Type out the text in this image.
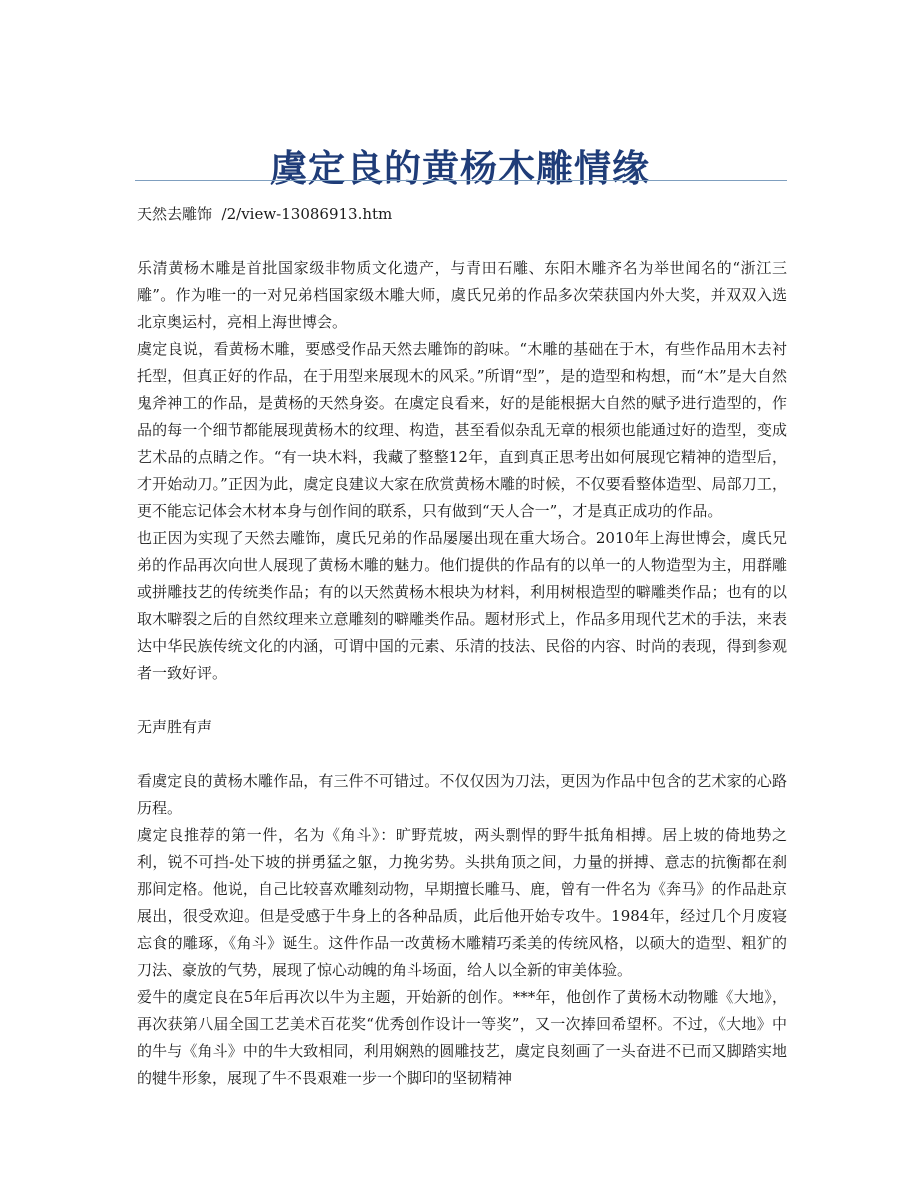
虞定良的黄杨木雕情缘

天然去雕饰  /2/view-13086913.htm

乐清黄杨木雕是首批国家级非物质文化遗产，与青田石雕、东阳木雕齐名为举世闻名的“浙江三雕”。作为唯一的一对兄弟档国家级木雕大师，虞氏兄弟的作品多次荣获国内外大奖，并双双入选北京奥运村，亮相上海世博会。

虞定良说，看黄杨木雕，要感受作品天然去雕饰的韵味。“木雕的基础在于木，有些作品用木去衬托型，但真正好的作品，在于用型来展现木的风采。”所谓“型”，是的造型和构想，而“木”是大自然鬼斧神工的作品，是黄杨的天然身姿。在虞定良看来，好的是能根据大自然的赋予进行造型的，作品的每一个细节都能展现黄杨木的纹理、构造，甚至看似杂乱无章的根须也能通过好的造型，变成艺术品的点睛之作。“有一块木料，我藏了整整12年，直到真正思考出如何展现它精神的造型后，才开始动刀。”正因为此，虞定良建议大家在欣赏黄杨木雕的时候，不仅要看整体造型、局部刀工，更不能忘记体会木材本身与创作间的联系，只有做到“天人合一”，才是真正成功的作品。

也正因为实现了天然去雕饰，虞氏兄弟的作品屡屡出现在重大场合。2010年上海世博会，虞氏兄弟的作品再次向世人展现了黄杨木雕的魅力。他们提供的作品有的以单一的人物造型为主，用群雕或拼雕技艺的传统类作品；有的以天然黄杨木根块为材料，利用树根造型的噼雕类作品；也有的以取木噼裂之后的自然纹理来立意雕刻的噼雕类作品。题材形式上，作品多用现代艺术的手法，来表达中华民族传统文化的内涵，可谓中国的元素、乐清的技法、民俗的内容、时尚的表现，得到参观者一致好评。

无声胜有声

看虞定良的黄杨木雕作品，有三件不可错过。不仅仅因为刀法，更因为作品中包含的艺术家的心路历程。

虞定良推荐的第一件，名为《角斗》：旷野荒坡，两头剽悍的野牛抵角相搏。居上坡的倚地势之利，锐不可挡-处下坡的拼勇猛之躯，力挽劣势。头拱角顶之间，力量的拼搏、意志的抗衡都在刹那间定格。他说，自己比较喜欢雕刻动物，早期擅长雕马、鹿，曾有一件名为《奔马》的作品赴京展出，很受欢迎。但是受感于牛身上的各种品质，此后他开始专攻牛。1984年，经过几个月废寝忘食的雕琢，《角斗》诞生。这件作品一改黄杨木雕精巧柔美的传统风格，以硕大的造型、粗犷的刀法、豪放的气势，展现了惊心动魄的角斗场面，给人以全新的审美体验。

爱牛的虞定良在5年后再次以牛为主题，开始新的创作。***年，他创作了黄杨木动物雕《大地》，再次获第八届全国工艺美术百花奖“优秀创作设计一等奖”，又一次捧回希望杯。不过，《大地》中的牛与《角斗》中的牛大致相同，利用娴熟的圆雕技艺，虞定良刻画了一头奋进不已而又脚踏实地的犍牛形象，展现了牛不畏艰难一步一个脚印的坚韧精神
